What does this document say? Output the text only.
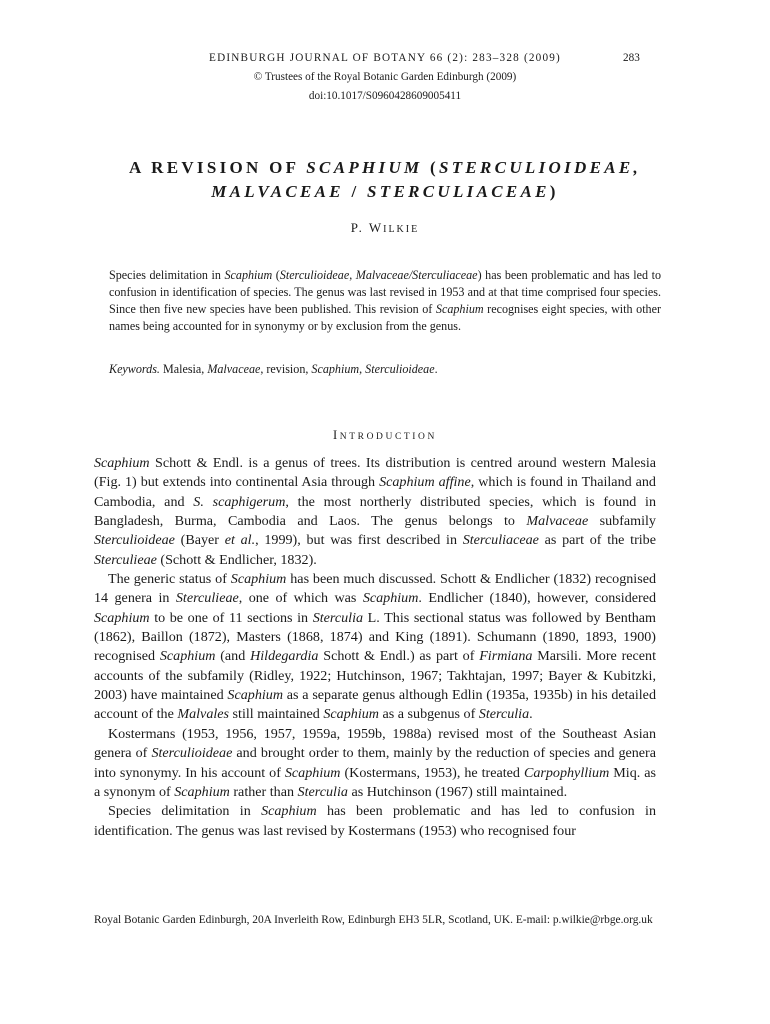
EDINBURGH JOURNAL OF BOTANY 66 (2): 283–328 (2009)	283
© Trustees of the Royal Botanic Garden Edinburgh (2009)
doi:10.1017/S0960428609005411
A REVISION OF SCAPHIUM (STERCULIOIDEAE,
MALVACEAE / STERCULIACEAE)
P. WILKIE
Species delimitation in Scaphium (Sterculioideae, Malvaceae/Sterculiaceae) has been problematic and has led to confusion in identification of species. The genus was last revised in 1953 and at that time comprised four species. Since then five new species have been published. This revision of Scaphium recognises eight species, with other names being accounted for in synonymy or by exclusion from the genus.
Keywords. Malesia, Malvaceae, revision, Scaphium, Sterculioideae.
INTRODUCTION

Scaphium Schott & Endl. is a genus of trees. Its distribution is centred around western Malesia (Fig. 1) but extends into continental Asia through Scaphium affine, which is found in Thailand and Cambodia, and S. scaphigerum, the most northerly distributed species, which is found in Bangladesh, Burma, Cambodia and Laos. The genus belongs to Malvaceae subfamily Sterculioideae (Bayer et al., 1999), but was first described in Sterculiaceae as part of the tribe Sterculieae (Schott & Endlicher, 1832).

The generic status of Scaphium has been much discussed. Schott & Endlicher (1832) recognised 14 genera in Sterculieae, one of which was Scaphium. Endlicher (1840), however, considered Scaphium to be one of 11 sections in Sterculia L. This sectional status was followed by Bentham (1862), Baillon (1872), Masters (1868, 1874) and King (1891). Schumann (1890, 1893, 1900) recognised Scaphium (and Hildegardia Schott & Endl.) as part of Firmiana Marsili. More recent accounts of the subfamily (Ridley, 1922; Hutchinson, 1967; Takhtajan, 1997; Bayer & Kubitzki, 2003) have maintained Scaphium as a separate genus although Edlin (1935a, 1935b) in his detailed account of the Malvales still maintained Scaphium as a subgenus of Sterculia.

Kostermans (1953, 1956, 1957, 1959a, 1959b, 1988a) revised most of the Southeast Asian genera of Sterculioideae and brought order to them, mainly by the reduction of species and genera into synonymy. In his account of Scaphium (Kostermans, 1953), he treated Carpophyllium Miq. as a synonym of Scaphium rather than Sterculia as Hutchinson (1967) still maintained.

Species delimitation in Scaphium has been problematic and has led to confusion in identification. The genus was last revised by Kostermans (1953) who recognised four

Royal Botanic Garden Edinburgh, 20A Inverleith Row, Edinburgh EH3 5LR, Scotland, UK. E-mail: p.wilkie@rbge.org.uk
